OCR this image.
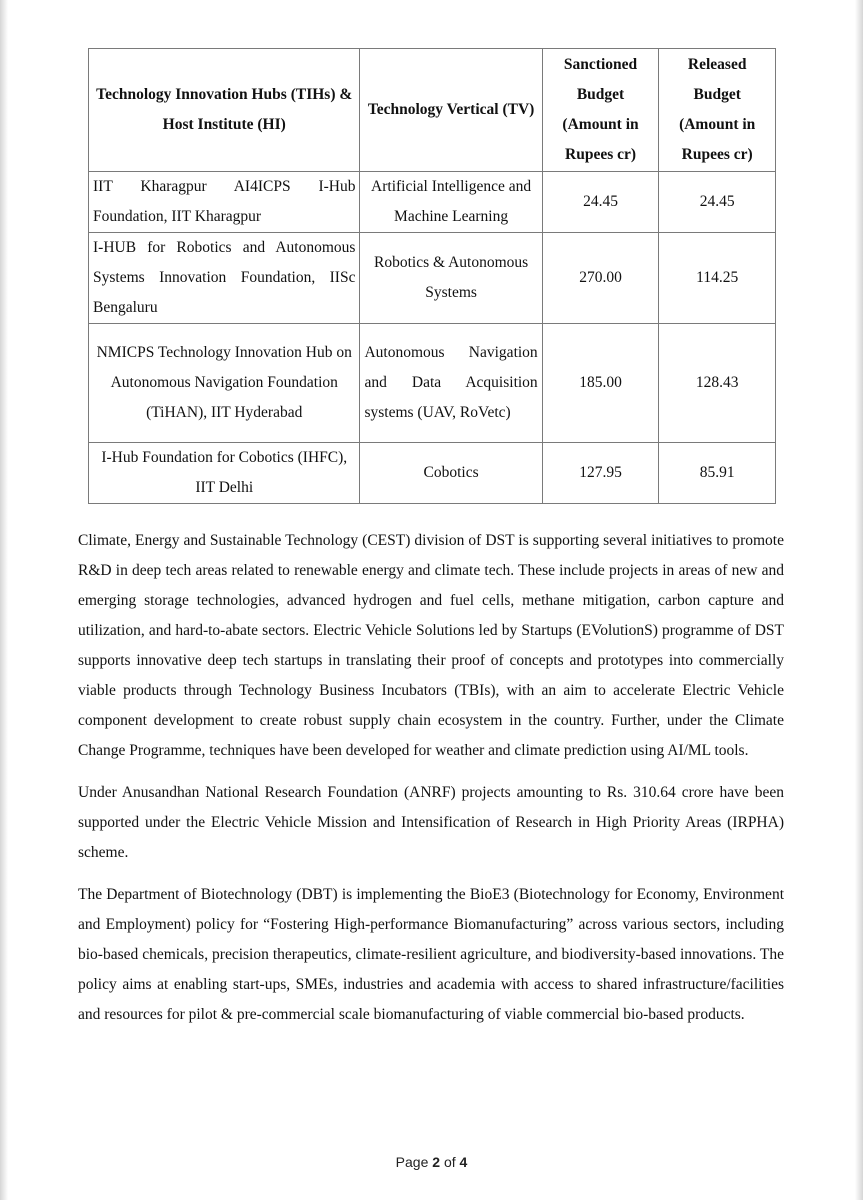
Technology Innovation Hubs (TIHs) & Host Institute (HI)	Technology Vertical (TV)	Sanctioned Budget (Amount in Rupees cr)	Released Budget (Amount in Rupees cr)
IIT Kharagpur AI4ICPS I-Hub Foundation, IIT Kharagpur	Artificial Intelligence and Machine Learning	24.45	24.45
I-HUB for Robotics and Autonomous Systems Innovation Foundation, IISc Bengaluru	Robotics & Autonomous Systems	270.00	114.25
NMICPS Technology Innovation Hub on Autonomous Navigation Foundation (TiHAN), IIT Hyderabad	Autonomous Navigation and Data Acquisition systems (UAV, RoVetc)	185.00	128.43
I-Hub Foundation for Cobotics (IHFC), IIT Delhi	Cobotics	127.95	85.91

Climate, Energy and Sustainable Technology (CEST) division of DST is supporting several initiatives to promote R&D in deep tech areas related to renewable energy and climate tech. These include projects in areas of new and emerging storage technologies, advanced hydrogen and fuel cells, methane mitigation, carbon capture and utilization, and hard-to-abate sectors. Electric Vehicle Solutions led by Startups (EVolutionS) programme of DST supports innovative deep tech startups in translating their proof of concepts and prototypes into commercially viable products through Technology Business Incubators (TBIs), with an aim to accelerate Electric Vehicle component development to create robust supply chain ecosystem in the country. Further, under the Climate Change Programme, techniques have been developed for weather and climate prediction using AI/ML tools.

Under Anusandhan National Research Foundation (ANRF) projects amounting to Rs. 310.64 crore have been supported under the Electric Vehicle Mission and Intensification of Research in High Priority Areas (IRPHA) scheme.

The Department of Biotechnology (DBT) is implementing the BioE3 (Biotechnology for Economy, Environment and Employment) policy for “Fostering High-performance Biomanufacturing” across various sectors, including bio-based chemicals, precision therapeutics, climate-resilient agriculture, and biodiversity-based innovations. The policy aims at enabling start-ups, SMEs, industries and academia with access to shared infrastructure/facilities and resources for pilot & pre-commercial scale biomanufacturing of viable commercial bio-based products.

Page 2 of 4
